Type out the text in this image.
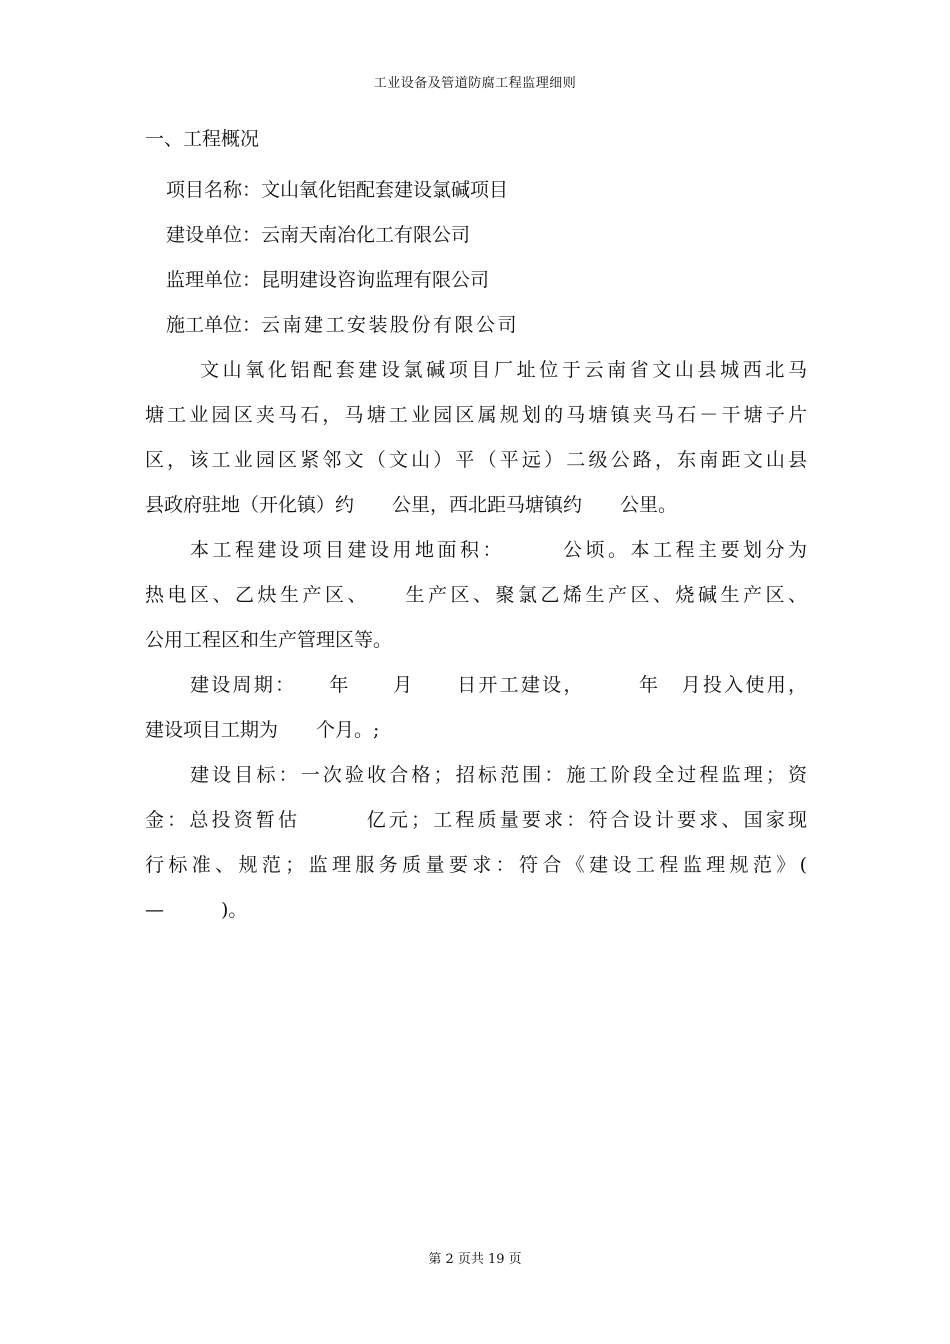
工业设备及管道防腐工程监理细则
一、工程概况
项目名称：文山氧化铝配套建设氯碱项目
建设单位：云南天南冶化工有限公司
监理单位：昆明建设咨询监理有限公司
施工单位：云南建工安装股份有限公司
文山氧化铝配套建设氯碱项目厂址位于云南省文山县城西北马
塘工业园区夹马石，马塘工业园区属规划的马塘镇夹马石－干塘子片
区，该工业园区紧邻文（文山）平（平远）二级公路，东南距文山县
县政府驻地（开化镇）约　　公里，西北距马塘镇约　　公里。
本工程建设项目建设用地面积：　　　公顷。本工程主要划分为
热电区、乙炔生产区、　　生产区、聚氯乙烯生产区、烧碱生产区、
公用工程区和生产管理区等。
建设周期：　　年　　月　　日开工建设，　　　年　月投入使用，
建设项目工期为　　个月。;
建设目标：一次验收合格；招标范围：施工阶段全过程监理；资
金：总投资暂估　　　亿元；工程质量要求：符合设计要求、国家现
行标准、规范；监理服务质量要求：符合《建设工程监理规范》(
—　　　)。
第 2 页共 19 页
